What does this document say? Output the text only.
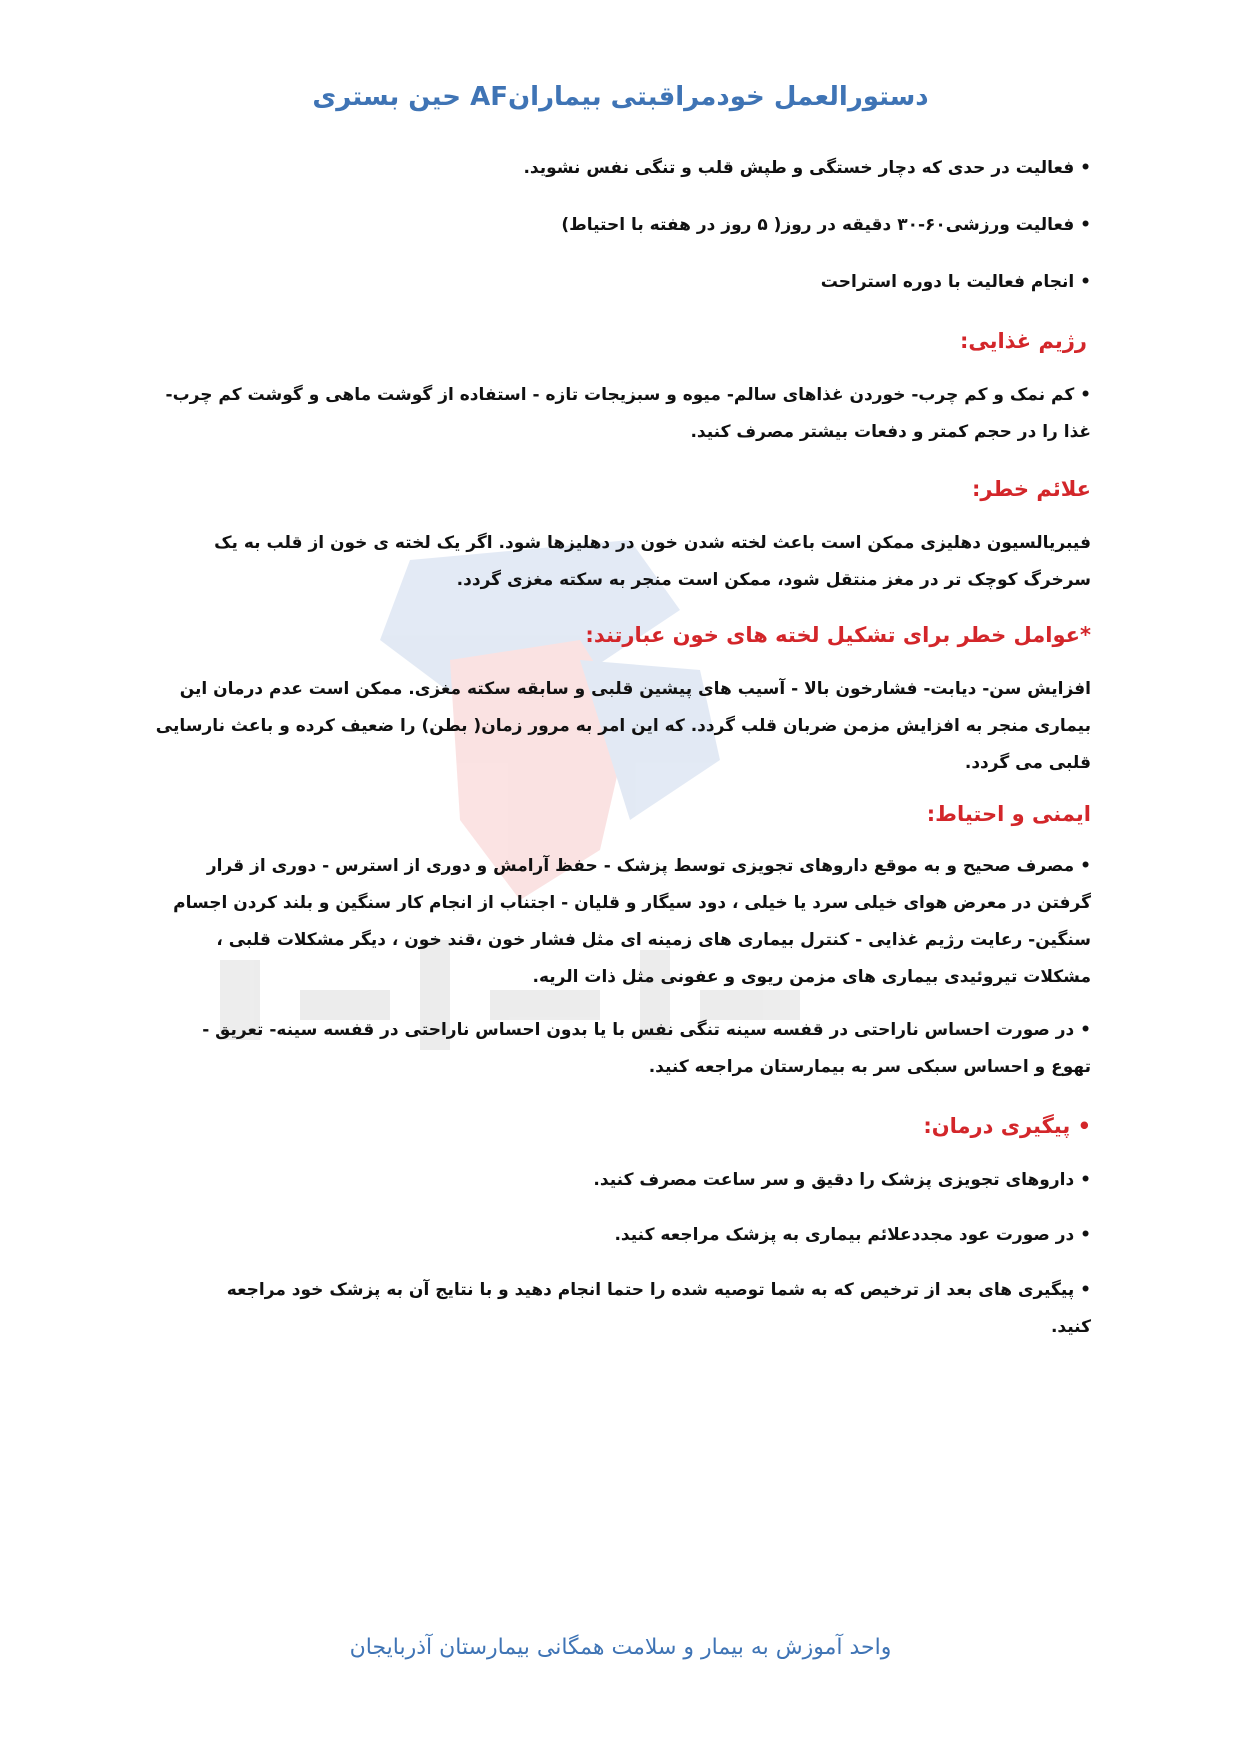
دستورالعمل خودمراقبتی بیمارانAF حین بستری

• فعالیت در حدی که دچار خستگی و طپش قلب و تنگی نفس نشوید.

• فعالیت ورزشی۶۰-۳۰ دقیقه در روز( ۵ روز در هفته با احتیاط)

• انجام فعالیت با دوره استراحت

رژیم غذایی:

• کم نمک و کم چرب- خوردن غذاهای سالم- میوه و سبزیجات تازه - استفاده از گوشت ماهی و گوشت کم چرب- غذا را در حجم کمتر و دفعات بیشتر مصرف کنید.

علائم خطر:

فیبریالسیون دهلیزی ممکن است باعث لخته شدن خون در دهلیزها شود. اگر یک لخته ی خون از قلب به یک سرخرگ کوچک تر در مغز منتقل شود، ممکن است منجر به سکته مغزی گردد.

*عوامل خطر برای تشکیل لخته های خون عبارتند:

افزایش سن- دیابت- فشارخون بالا - آسیب های پیشین قلبی و سابقه سکته مغزی. ممکن است عدم درمان این بیماری منجر به افزایش مزمن ضربان قلب گردد. که این امر به مرور زمان( بطن) را ضعیف کرده و باعث نارسایی قلبی می گردد.

ایمنی و احتیاط:

• مصرف صحیح و به موقع داروهای تجویزی توسط پزشک - حفظ آرامش و دوری از استرس - دوری از قرار گرفتن در معرض هوای خیلی سرد یا خیلی ، دود سیگار و قلیان - اجتناب از انجام کار سنگین و بلند کردن اجسام سنگین- رعایت رژیم غذایی - کنترل بیماری های زمینه ای مثل فشار خون ،قند خون ، دیگر مشکلات قلبی ، مشکلات تیروئیدی بیماری های مزمن ریوی و عفونی مثل ذات الریه.

• در صورت احساس ناراحتی در قفسه سینه تنگی نفس با یا بدون احساس ناراحتی در قفسه سینه- تعریق - تهوع و احساس سبکی سر به بیمارستان مراجعه کنید.

• پیگیری درمان:

• داروهای تجویزی پزشک را دقیق و سر ساعت مصرف کنید.

• در صورت عود مجددعلائم بیماری به پزشک مراجعه کنید.

• پیگیری های بعد از ترخیص که به شما توصیه شده را حتما انجام دهید و با نتایج آن به پزشک خود مراجعه کنید.

واحد آموزش به بیمار و سلامت همگانی بیمارستان آذربایجان
